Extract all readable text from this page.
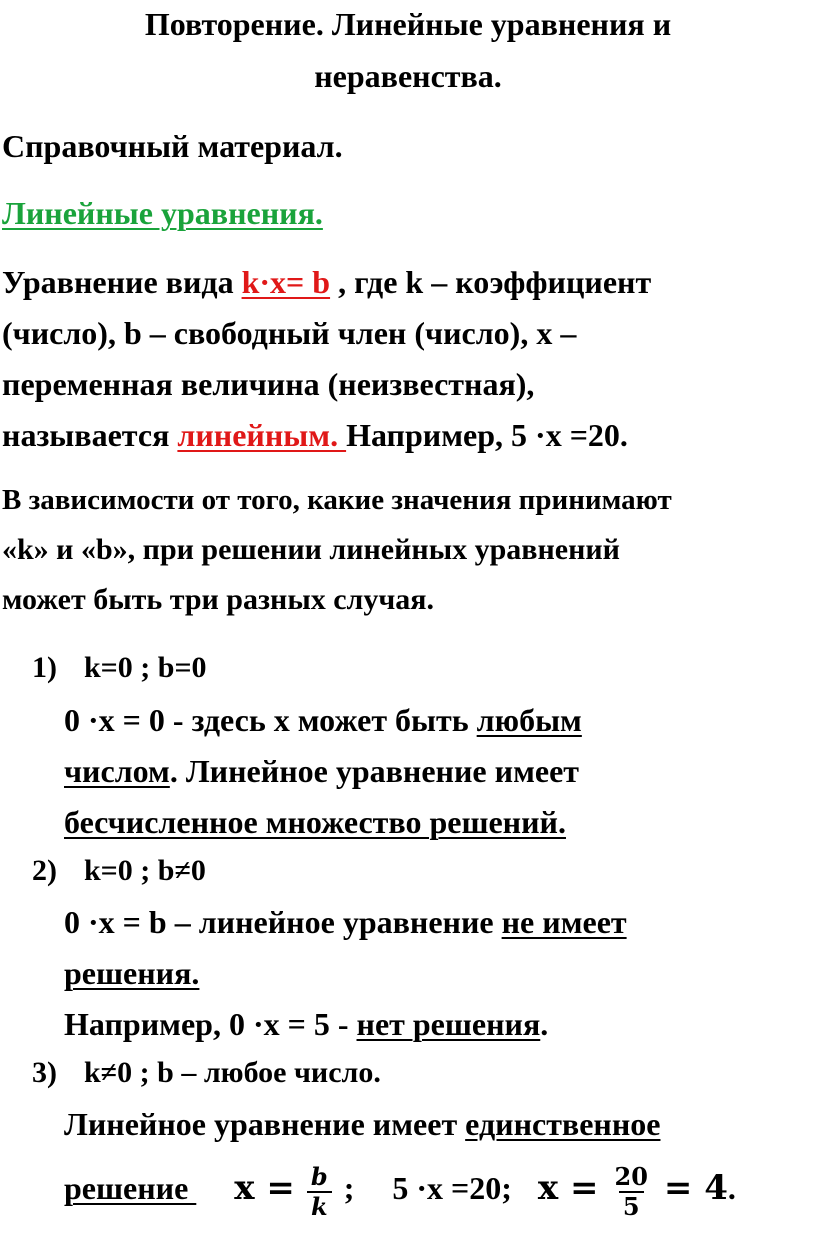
Повторение. Линейные уравнения и
неравенства.
Справочный материал.
Линейные уравнения.
Уравнение вида k·x= b , где k – коэффициент
(число), b – свободный член (число), x –
переменная величина (неизвестная),
называется линейным. Например, 5 ·x =20.
В зависимости от того, какие значения принимают
«k» и «b», при решении линейных уравнений
может быть три разных случая.
1) k=0 ; b=0
0 ·x = 0 - здесь x может быть любым
числом. Линейное уравнение имеет
бесчисленное множество решений.
2) k=0 ; b≠0
0 ·x = b – линейное уравнение не имеет
решения.
Например, 0 ·x = 5 - нет решения.
3) k≠0 ; b – любое число.
Линейное уравнение имеет единственное
решение  $x = \frac{b}{k}$ ; 5 ·x =20; $x = \frac{20}{5} = 4$.
